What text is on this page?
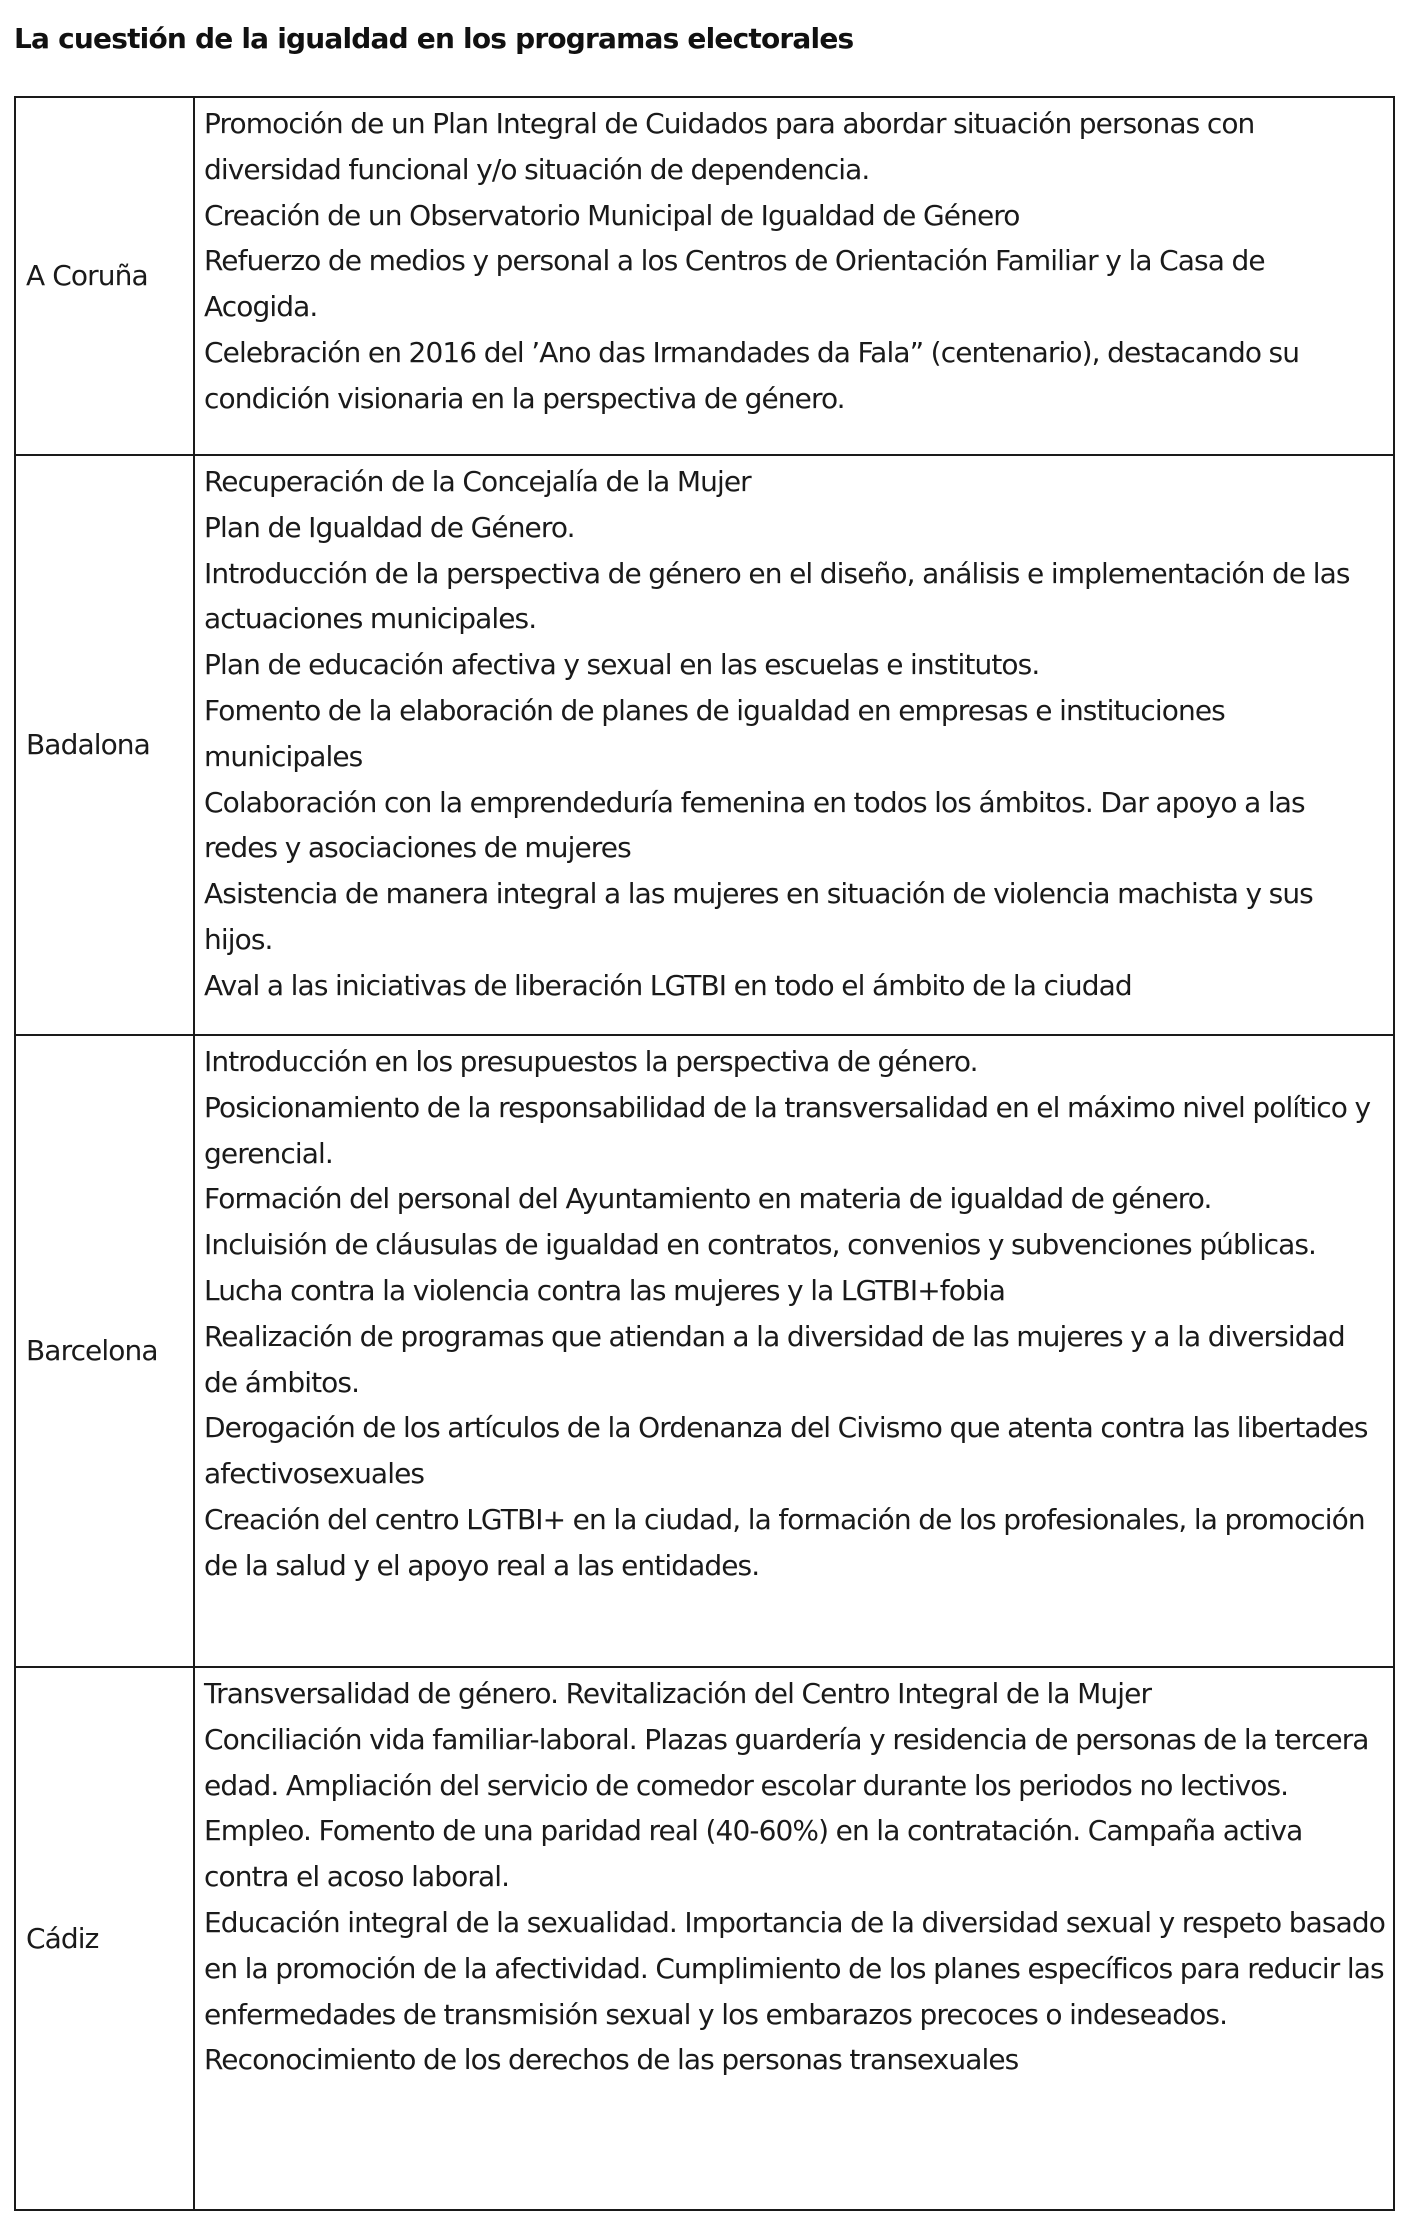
La cuestión de la igualdad en los programas electorales
A Coruña
Promoción de un Plan Integral de Cuidados para abordar situación personas con diversidad funcional y/o situación de dependencia.
Creación de un Observatorio Municipal de Igualdad de Género
Refuerzo de medios y personal a los Centros de Orientación Familiar y la Casa de Acogida.
Celebración en 2016 del ’Ano das Irmandades da Fala” (centenario), destacando su condición visionaria en la perspectiva de género.
Badalona
Recuperación de la Concejalía de la Mujer
Plan de Igualdad de Género.
Introducción de la perspectiva de género en el diseño, análisis e implementación de las actuaciones municipales.
Plan de educación afectiva y sexual en las escuelas e institutos.
Fomento de la elaboración de planes de igualdad en empresas e instituciones municipales
Colaboración con la emprendeduría femenina en todos los ámbitos. Dar apoyo a las redes y asociaciones de mujeres
Asistencia de manera integral a las mujeres en situación de violencia machista y sus hijos.
Aval a las iniciativas de liberación LGTBI en todo el ámbito de la ciudad
Barcelona
Introducción en los presupuestos la perspectiva de género.
Posicionamiento de la responsabilidad de la transversalidad en el máximo nivel político y gerencial.
Formación del personal del Ayuntamiento en materia de igualdad de género.
Incluisión de cláusulas de igualdad en contratos, convenios y subvenciones públicas.
Lucha contra la violencia contra las mujeres y la LGTBI+fobia
Realización de programas que atiendan a la diversidad de las mujeres y a la diversidad de ámbitos.
Derogación de los artículos de la Ordenanza del Civismo que atenta contra las libertades afectivosexuales
Creación del centro LGTBI+ en la ciudad, la formación de los profesionales, la promoción de la salud y el apoyo real a las entidades.
Cádiz
Transversalidad de género. Revitalización del Centro Integral de la Mujer
Conciliación vida familiar-laboral. Plazas guardería y residencia de personas de la tercera edad. Ampliación del servicio de comedor escolar durante los periodos no lectivos.
Empleo. Fomento de una paridad real (40-60%) en la contratación. Campaña activa contra el acoso laboral.
Educación integral de la sexualidad. Importancia de la diversidad sexual y respeto basado en la promoción de la afectividad. Cumplimiento de los planes específicos para reducir las enfermedades de transmisión sexual y los embarazos precoces o indeseados.
Reconocimiento de los derechos de las personas transexuales
